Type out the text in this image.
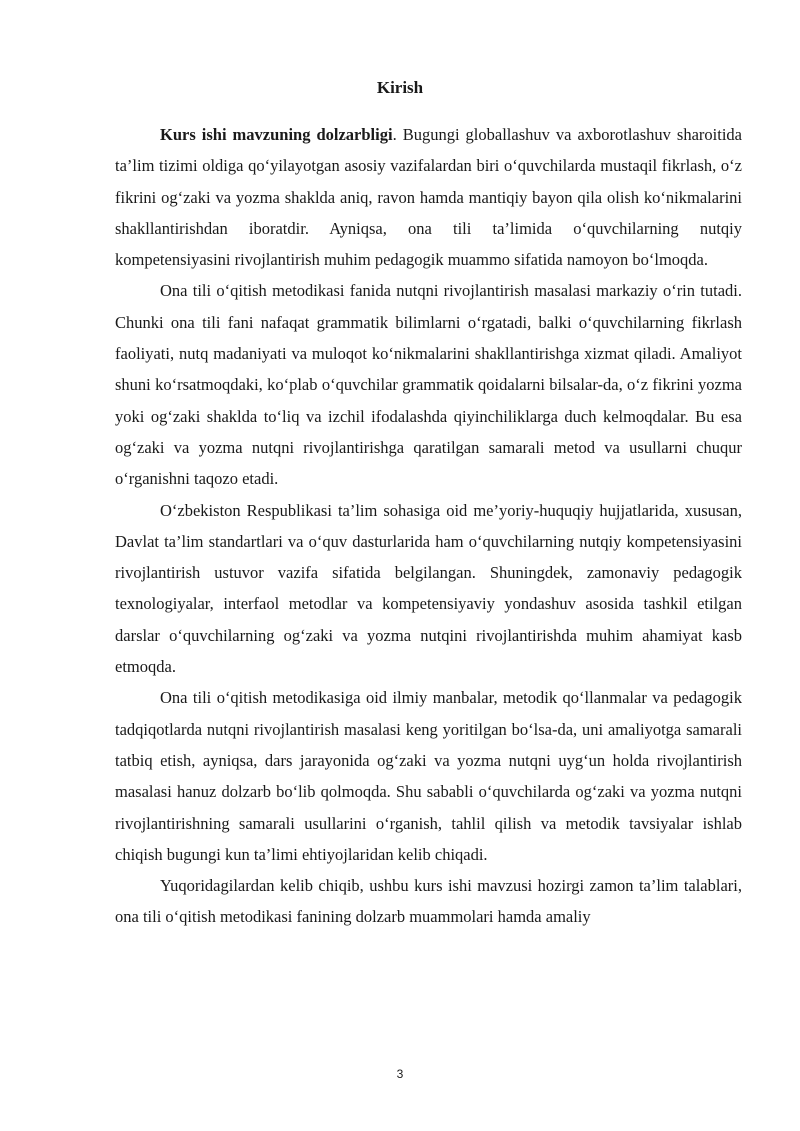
Kirish

Kurs ishi mavzuning dolzarbligi. Bugungi globallashuv va axborotlashuv sharoitida ta’lim tizimi oldiga qo‘yilayotgan asosiy vazifalardan biri o‘quvchilarda mustaqil fikrlash, o‘z fikrini og‘zaki va yozma shaklda aniq, ravon hamda mantiqiy bayon qila olish ko‘nikmalarini shakllantirishdan iboratdir. Ayniqsa, ona tili ta’limida o‘quvchilarning nutqiy kompetensiyasini rivojlantirish muhim pedagogik muammo sifatida namoyon bo‘lmoqda.

Ona tili o‘qitish metodikasi fanida nutqni rivojlantirish masalasi markaziy o‘rin tutadi. Chunki ona tili fani nafaqat grammatik bilimlarni o‘rgatadi, balki o‘quvchilarning fikrlash faoliyati, nutq madaniyati va muloqot ko‘nikmalarini shakllantirishga xizmat qiladi. Amaliyot shuni ko‘rsatmoqdaki, ko‘plab o‘quvchilar grammatik qoidalarni bilsalar-da, o‘z fikrini yozma yoki og‘zaki shaklda to‘liq va izchil ifodalashda qiyinchiliklarga duch kelmoqdalar. Bu esa og‘zaki va yozma nutqni rivojlantirishga qaratilgan samarali metod va usullarni chuqur o‘rganishni taqozo etadi.

O‘zbekiston Respublikasi ta’lim sohasiga oid me’yoriy-huquqiy hujjatlarida, xususan, Davlat ta’lim standartlari va o‘quv dasturlarida ham o‘quvchilarning nutqiy kompetensiyasini rivojlantirish ustuvor vazifa sifatida belgilangan. Shuningdek, zamonaviy pedagogik texnologiyalar, interfaol metodlar va kompetensiyaviy yondashuv asosida tashkil etilgan darslar o‘quvchilarning og‘zaki va yozma nutqini rivojlantirishda muhim ahamiyat kasb etmoqda.

Ona tili o‘qitish metodikasiga oid ilmiy manbalar, metodik qo‘llanmalar va pedagogik tadqiqotlarda nutqni rivojlantirish masalasi keng yoritilgan bo‘lsa-da, uni amaliyotga samarali tatbiq etish, ayniqsa, dars jarayonida og‘zaki va yozma nutqni uyg‘un holda rivojlantirish masalasi hanuz dolzarb bo‘lib qolmoqda. Shu sababli o‘quvchilarda og‘zaki va yozma nutqni rivojlantirishning samarali usullarini o‘rganish, tahlil qilish va metodik tavsiyalar ishlab chiqish bugungi kun ta’limi ehtiyojlaridan kelib chiqadi.

Yuqoridagilardan kelib chiqib, ushbu kurs ishi mavzusi hozirgi zamon ta’lim talablari, ona tili o‘qitish metodikasi fanining dolzarb muammolari hamda amaliy

3
